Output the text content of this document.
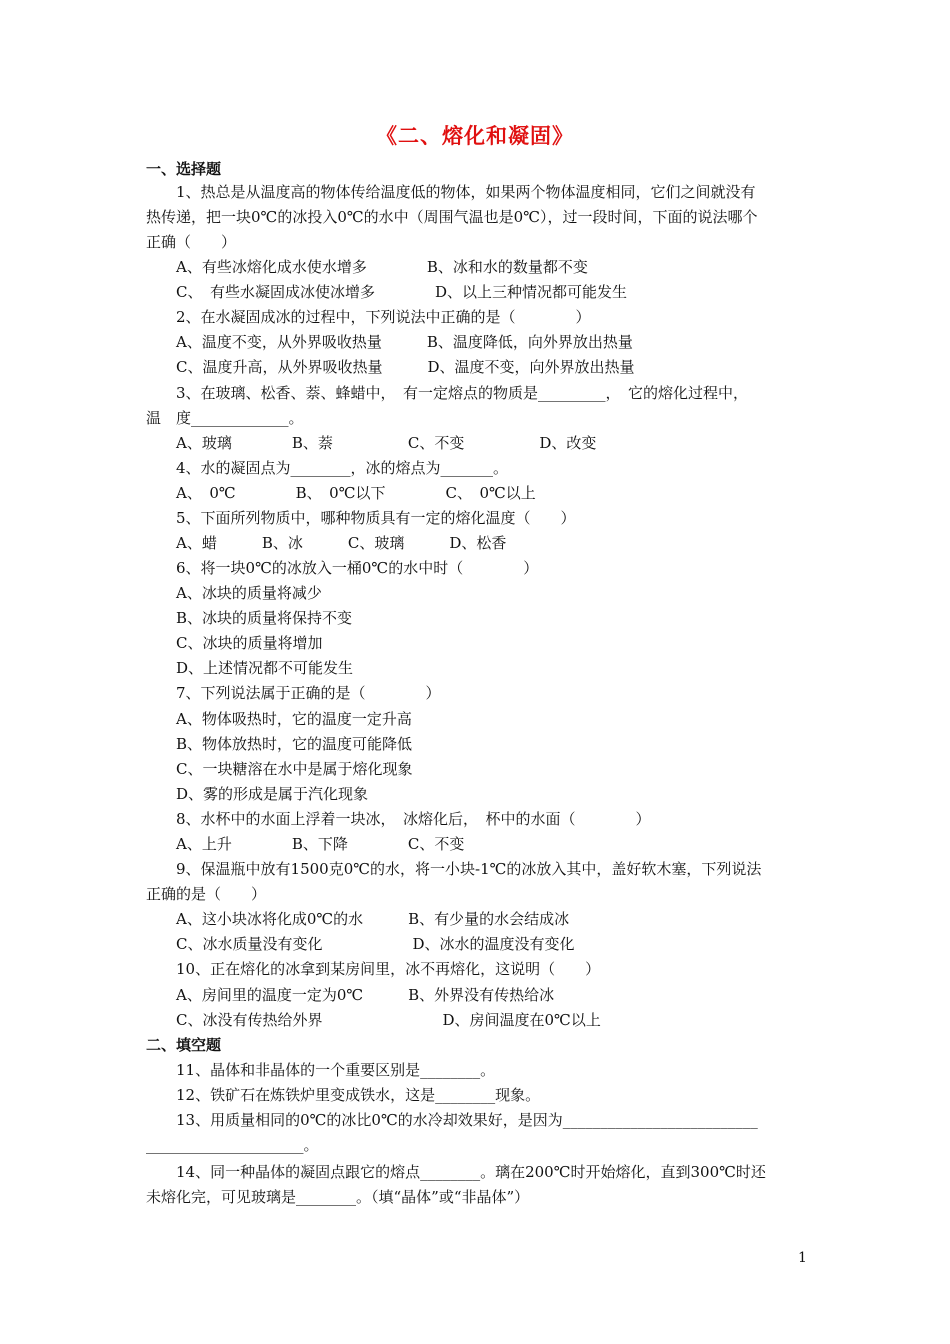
《二、熔化和凝固》
一、选择题
1、热总是从温度高的物体传给温度低的物体，如果两个物体温度相同，它们之间就没有
热传递，把一块0℃的冰投入0℃的水中（周围气温也是0℃），过一段时间，下面的说法哪个
正确（　　）
A、有些冰熔化成水使水增多　　　　B、冰和水的数量都不变
C、　有些水凝固成冰使冰增多　　　　D、以上三种情况都可能发生
2、在水凝固成冰的过程中，下列说法中正确的是（　　　　）
A、温度不变，从外界吸收热量　　　B、温度降低，向外界放出热量
C、温度升高，从外界吸收热量　　　D、温度不变，向外界放出热量
3、在玻璃、松香、萘、蜂蜡中，　有一定熔点的物质是_________，　它的熔化过程中，
温　度_____________。
A、玻璃　　　　B、萘　　　　　C、不变　　　　　D、改变
4、水的凝固点为________，冰的熔点为_______。
A、　0℃　　　　B、　0℃以下　　　　C、　0℃以上
5、下面所列物质中，哪种物质具有一定的熔化温度（　　）
A、蜡　　　B、冰　　　C、玻璃　　　D、松香
6、将一块0℃的冰放入一桶0℃的水中时（　　　　）
A、冰块的质量将减少
B、冰块的质量将保持不变
C、冰块的质量将增加
D、上述情况都不可能发生
7、下列说法属于正确的是（　　　　）
A、物体吸热时，它的温度一定升高
B、物体放热时，它的温度可能降低
C、一块糖溶在水中是属于熔化现象
D、雾的形成是属于汽化现象
8、水杯中的水面上浮着一块冰，　冰熔化后，　杯中的水面（　　　　）
A、上升　　　　B、下降　　　　C、不变
9、保温瓶中放有1500克0℃的水，将一小块-1℃的冰放入其中，盖好软木塞，下列说法
正确的是（　　）
A、这小块冰将化成0℃的水　　　B、有少量的水会结成冰
C、冰水质量没有变化　　　　　　D、冰水的温度没有变化
10、正在熔化的冰拿到某房间里，冰不再熔化，这说明（　　）
A、房间里的温度一定为0℃　　　B、外界没有传热给冰
C、冰没有传热给外界　　　　　　　　D、房间温度在0℃以上
二、填空题
11、晶体和非晶体的一个重要区别是________。
12、铁矿石在炼铁炉里变成铁水，这是________现象。
13、用质量相同的0℃的冰比0℃的水冷却效果好，是因为__________________________
_____________________。
14、同一种晶体的凝固点跟它的熔点________。璃在200℃时开始熔化，直到300℃时还
未熔化完，可见玻璃是________。（填“晶体”或“非晶体”）
1
